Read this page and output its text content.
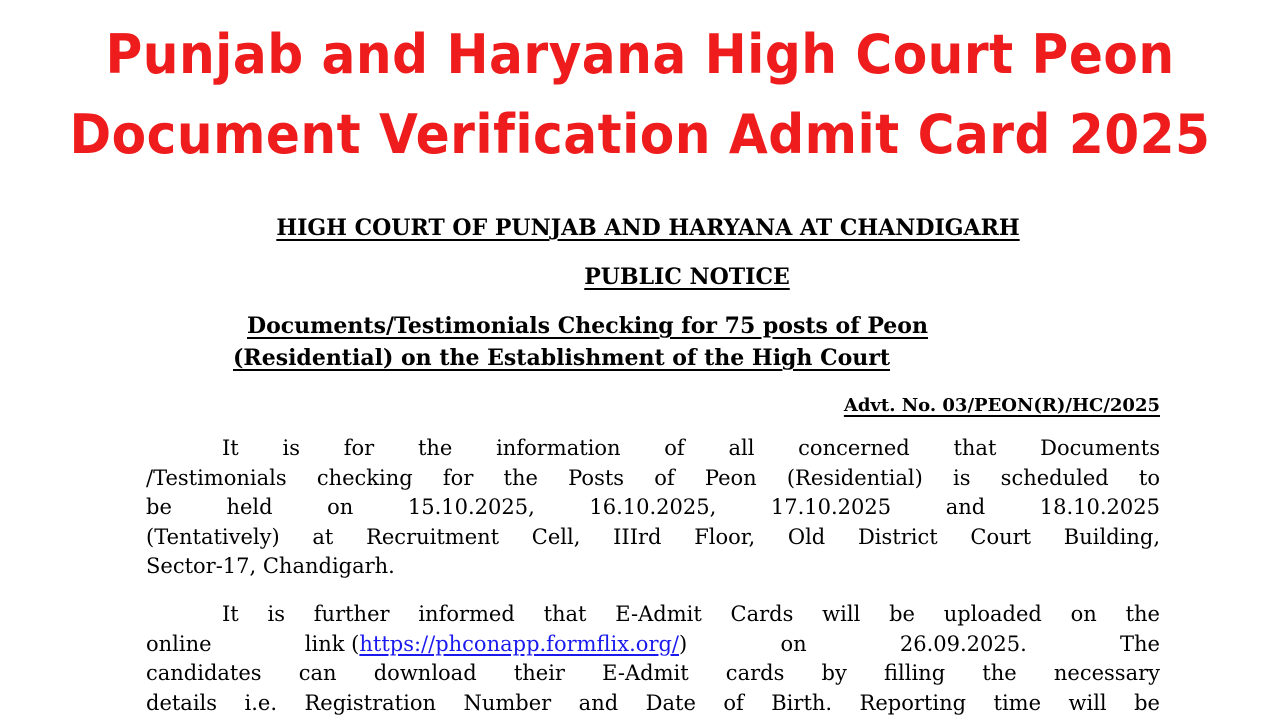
Punjab and Haryana High Court Peon
Document Verification Admit Card 2025
HIGH COURT OF PUNJAB AND HARYANA AT CHANDIGARH
PUBLIC NOTICE
Documents/Testimonials Checking for 75 posts of Peon
(Residential) on the Establishment of the High Court
Advt. No. 03/PEON(R)/HC/2025
It is for the information of all concerned that Documents
/Testimonials checking for the Posts of Peon (Residential) is scheduled to
be held on 15.10.2025, 16.10.2025, 17.10.2025 and 18.10.2025
(Tentatively) at Recruitment Cell, IIIrd Floor, Old District Court Building,
Sector-17, Chandigarh.
It is further informed that E-Admit Cards will be uploaded on the
online	link (https://phconapp.formflix.org/)	on	26.09.2025.	The
candidates can download their E-Admit cards by filling the necessary
details i.e. Registration Number and Date of Birth. Reporting time will be
